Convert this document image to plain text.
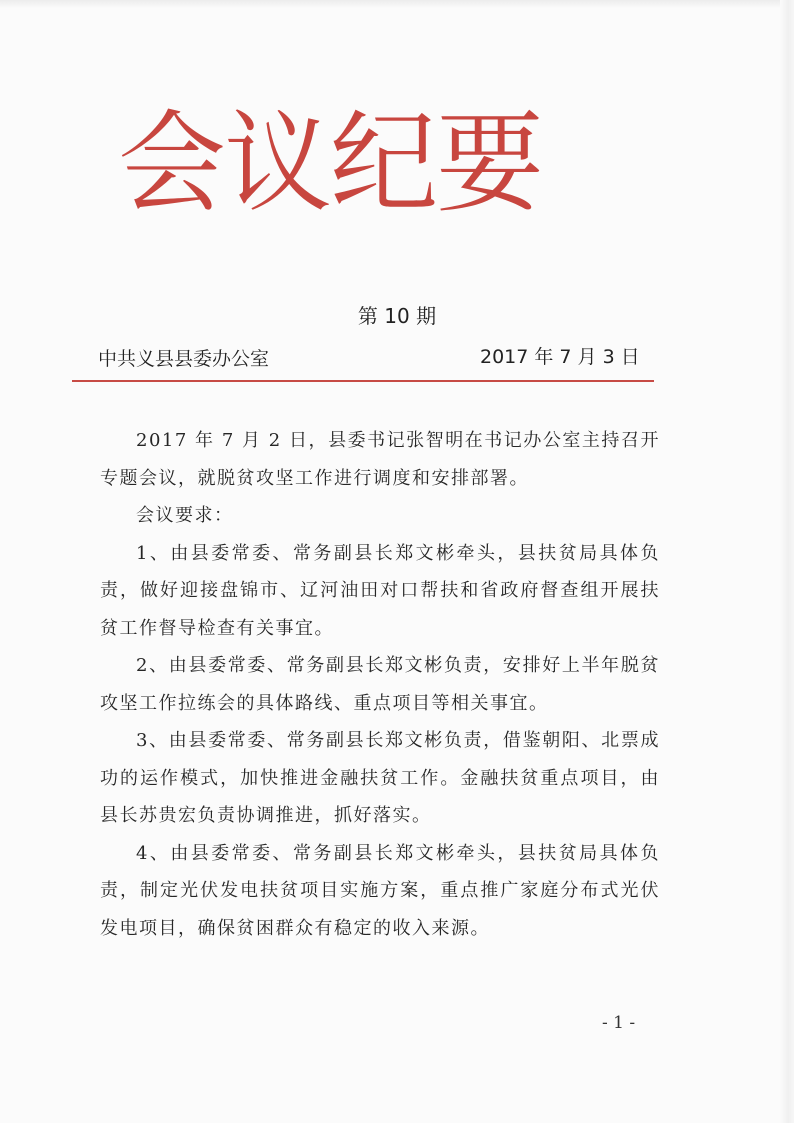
会议纪要
第 10 期
中共义县县委办公室	2017 年 7 月 3 日

2017 年 7 月 2 日，县委书记张智明在书记办公室主持召开专题会议，就脱贫攻坚工作进行调度和安排部署。

会议要求：

1、由县委常委、常务副县长郑文彬牵头，县扶贫局具体负责，做好迎接盘锦市、辽河油田对口帮扶和省政府督查组开展扶贫工作督导检查有关事宜。

2、由县委常委、常务副县长郑文彬负责，安排好上半年脱贫攻坚工作拉练会的具体路线、重点项目等相关事宜。

3、由县委常委、常务副县长郑文彬负责，借鉴朝阳、北票成功的运作模式，加快推进金融扶贫工作。金融扶贫重点项目，由县长苏贵宏负责协调推进，抓好落实。

4、由县委常委、常务副县长郑文彬牵头，县扶贫局具体负责，制定光伏发电扶贫项目实施方案，重点推广家庭分布式光伏发电项目，确保贫困群众有稳定的收入来源。

- 1 -
